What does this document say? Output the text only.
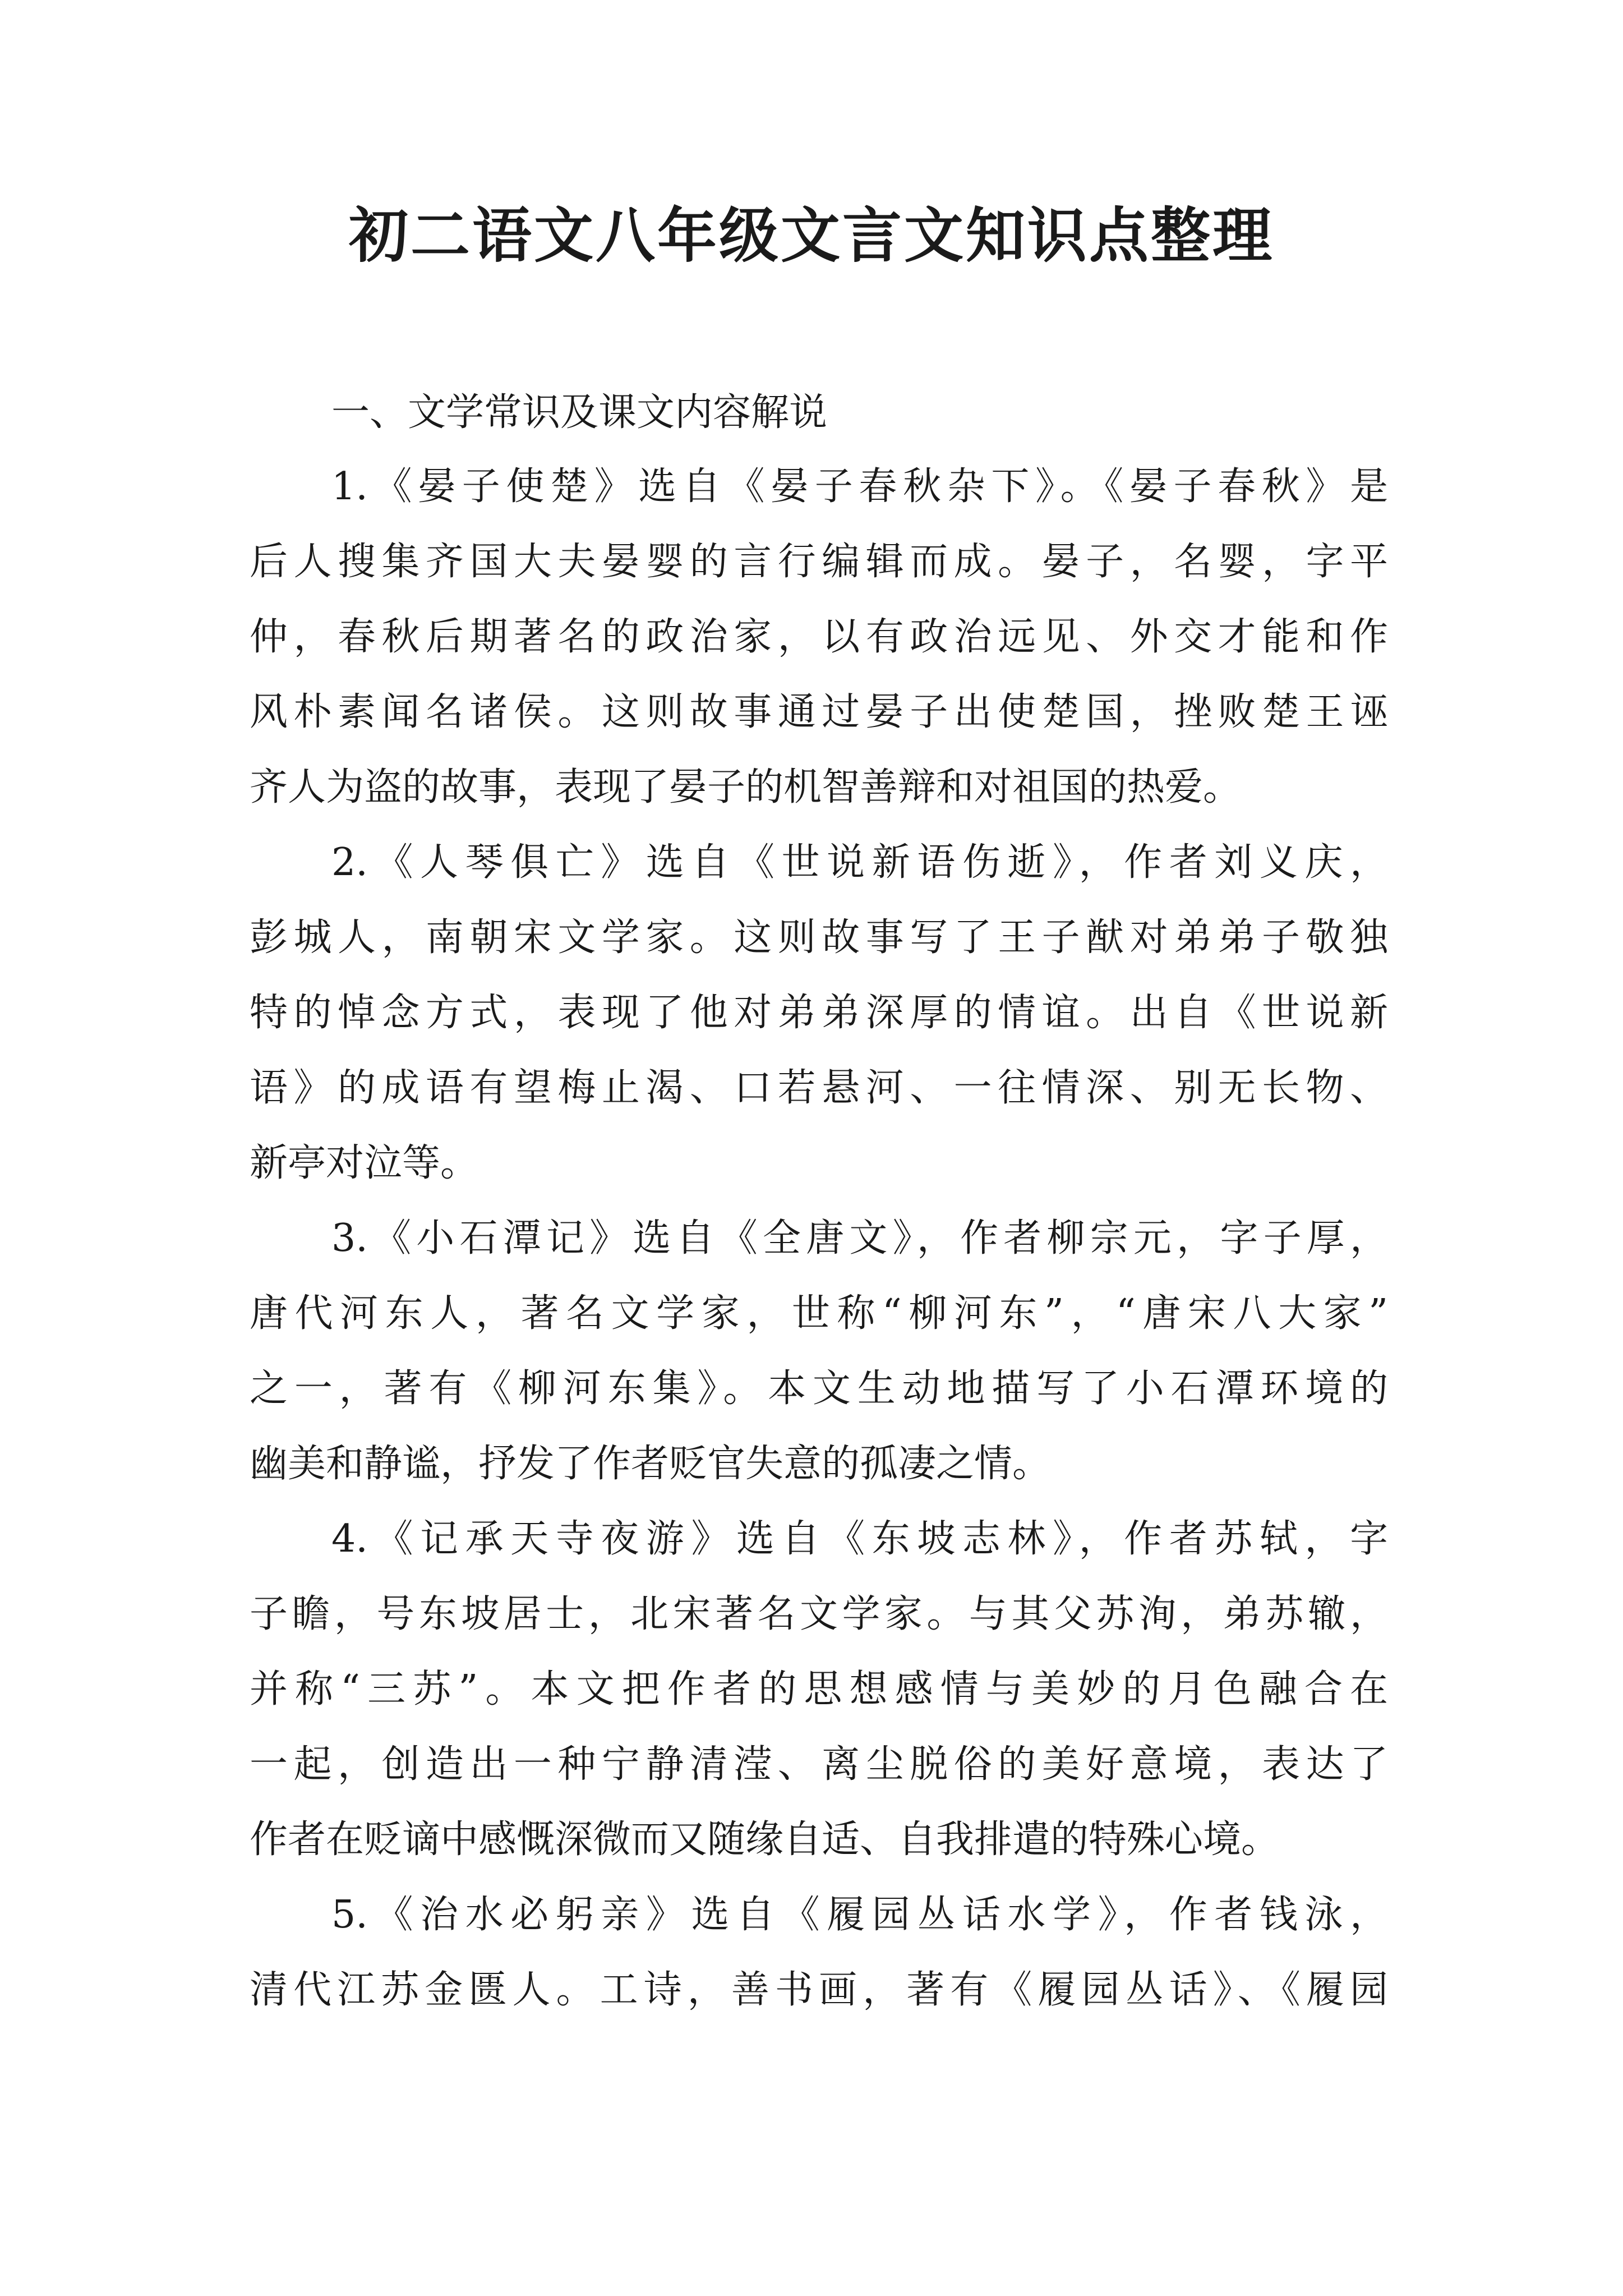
初二语文八年级文言文知识点整理

一、文学常识及课文内容解说

1.《晏子使楚》选自《晏子春秋杂下》。《晏子春秋》是
后人搜集齐国大夫晏婴的言行编辑而成。晏子，名婴，字平
仲，春秋后期著名的政治家，以有政治远见、外交才能和作
风朴素闻名诸侯。这则故事通过晏子出使楚国，挫败楚王诬
齐人为盗的故事，表现了晏子的机智善辩和对祖国的热爱。
2.《人琴俱亡》选自《世说新语伤逝》，作者刘义庆，
彭城人，南朝宋文学家。这则故事写了王子猷对弟弟子敬独
特的悼念方式，表现了他对弟弟深厚的情谊。出自《世说新
语》的成语有望梅止渴、口若悬河、一往情深、别无长物、
新亭对泣等。
3.《小石潭记》选自《全唐文》，作者柳宗元，字子厚，
唐代河东人，著名文学家，世称“柳河东”，“唐宋八大家”
之一，著有《柳河东集》。本文生动地描写了小石潭环境的
幽美和静谧，抒发了作者贬官失意的孤凄之情。
4.《记承天寺夜游》选自《东坡志林》，作者苏轼，字
子瞻，号东坡居士，北宋著名文学家。与其父苏洵，弟苏辙，
并称“三苏”。本文把作者的思想感情与美妙的月色融合在
一起，创造出一种宁静清滢、离尘脱俗的美好意境，表达了
作者在贬谪中感慨深微而又随缘自适、自我排遣的特殊心境。
5.《治水必躬亲》选自《履园丛话水学》，作者钱泳，
清代江苏金匮人。工诗，善书画，著有《履园丛话》、《履园
